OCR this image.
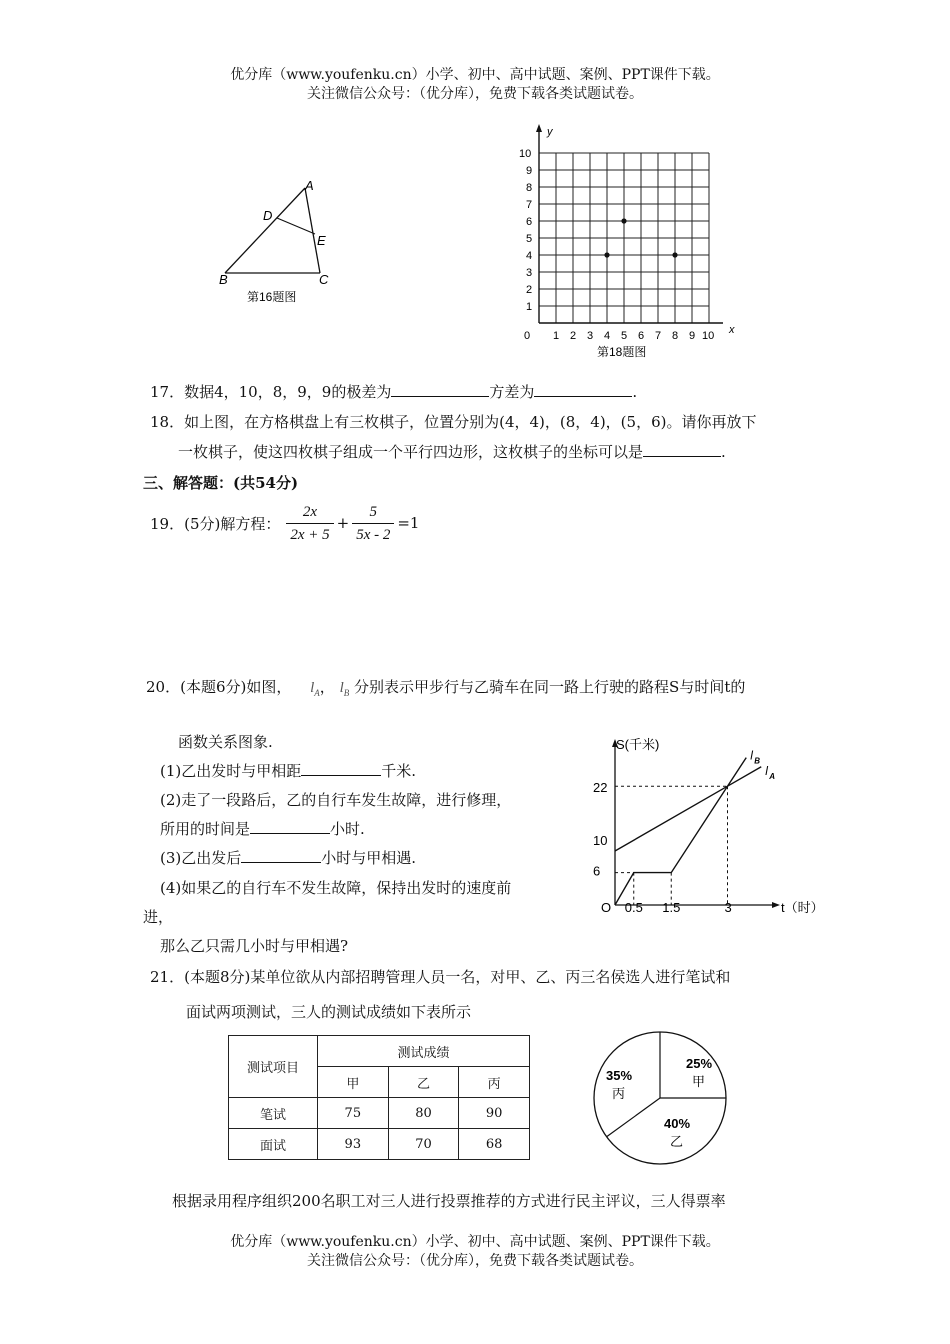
优分库（www.youfenku.cn）小学、初中、高中试题、案例、PPT课件下载。
关注微信公众号：（优分库），免费下载各类试题试卷。
A
D
E
B	C
第16题图
y
x
0 1 2 3 4 5 6 7 8 9 10
1
2
3
4
5
6
7
8
9
10
第18题图
17．数据4，10，8，9，9的极差为	方差为	.
18．如上图，在方格棋盘上有三枚棋子，位置分别为(4，4)，(8，4)，(5，6)。请你再放下
一枚棋子，使这四枚棋子组成一个平行四边形，这枚棋子的坐标可以是	.
三、解答题：(共54分)
19． (5分)解方程： $\frac{2x}{2x + 5} + \frac{5}{5x - 2} =1$
20．(本题6分)如图， $l_A$， $l_B$ 分别表示甲步行与乙骑车在同一路上行驶的路程S与时间t的
函数关系图象.
(1)乙出发时与甲相距	千米.
(2)走了一段路后，乙的自行车发生故障，进行修理，
所用的时间是	小时.
(3)乙出发后	小时与甲相遇.
(4)如果乙的自行车不发生故障，保持出发时的速度前
进，
那么乙只需几小时与甲相遇?
l A
l B
6
10
22
0.5 1.5	3
S(千米)
t（时）
O
21．(本题8分)某单位欲从内部招聘管理人员一名，对甲、乙、丙三名侯选人进行笔试和
面试两项测试，三人的测试成绩如下表所示
测试项目	测试成绩		
	甲	乙	丙
笔试	75	80	90
面试	93	70	68
25%
甲
40%
乙
35%
丙
根据录用程序组织200名职工对三人进行投票推荐的方式进行民主评议，三人得票率
优分库（www.youfenku.cn）小学、初中、高中试题、案例、PPT课件下载。
关注微信公众号：（优分库），免费下载各类试题试卷。
